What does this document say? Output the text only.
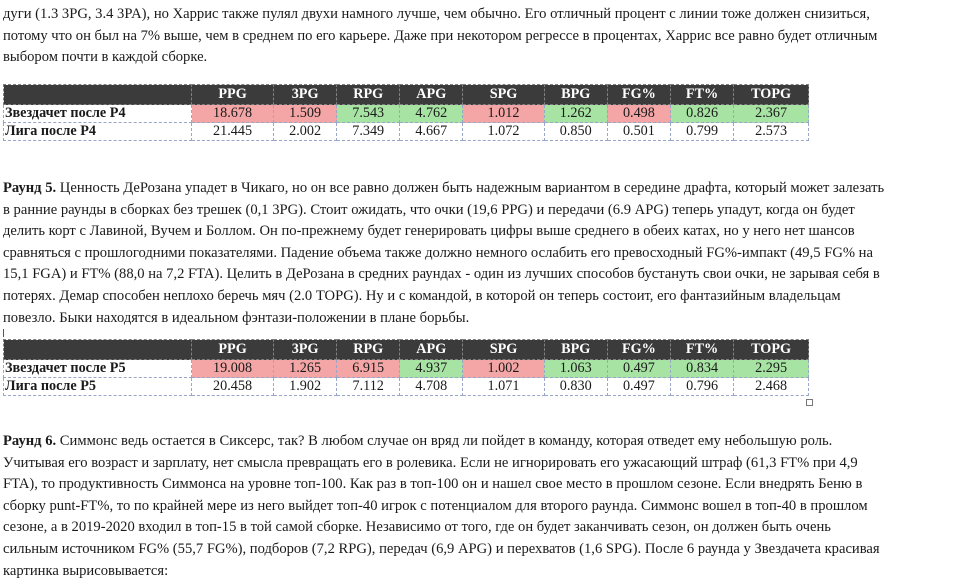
дуги (1.3 3PG, 3.4 3PA), но Харрис также пулял двухи намного лучше, чем обычно. Его отличный процент с линии тоже должен снизиться,
потому что он был на 7% выше, чем в среднем по его карьере. Даже при некотором регрессе в процентах, Харрис все равно будет отличным
выбором почти в каждой сборке.
	PPG	3PG	RPG	APG	SPG	BPG	FG%	FT%	TOPG
Звездачет после Р4	18.678	1.509	7.543	4.762	1.012	1.262	0.498	0.826	2.367
Лига после Р4	21.445	2.002	7.349	4.667	1.072	0.850	0.501	0.799	2.573
Раунд 5. Ценность ДеРозана упадет в Чикаго, но он все равно должен быть надежным вариантом в середине драфта, который может залезать
в ранние раунды в сборках без трешек (0,1 3PG). Стоит ожидать, что очки (19,6 PPG) и передачи (6.9 APG) теперь упадут, когда он будет
делить корт с Лавиной, Вучем и Боллом. Он по-прежнему будет генерировать цифры выше среднего в обеих катах, но у него нет шансов
сравняться с прошлогодними показателями. Падение объема также должно немного ослабить его превосходный FG%-импакт (49,5 FG% на
15,1 FGA) и FT% (88,0 на 7,2 FTA). Целить в ДеРозана в средних раундах - один из лучших способов бустануть свои очки, не зарывая себя в
потерях. Демар способен неплохо беречь мяч (2.0 TOPG). Ну и с командой, в которой он теперь состоит, его фантазийным владельцам
повезло. Быки находятся в идеальном фэнтази-положении в плане борьбы.
	PPG	3PG	RPG	APG	SPG	BPG	FG%	FT%	TOPG
Звездачет после Р5	19.008	1.265	6.915	4.937	1.002	1.063	0.497	0.834	2.295
Лига после Р5	20.458	1.902	7.112	4.708	1.071	0.830	0.497	0.796	2.468
Раунд 6. Симмонс ведь остается в Сиксерс, так? В любом случае он вряд ли пойдет в команду, которая отведет ему небольшую роль.
Учитывая его возраст и зарплату, нет смысла превращать его в ролевика. Если не игнорировать его ужасающий штраф (61,3 FT% при 4,9
FTA), то продуктивность Симмонса на уровне топ-100. Как раз в топ-100 он и нашел свое место в прошлом сезоне. Если внедрять Беню в
сборку punt-FT%, то по крайней мере из него выйдет топ-40 игрок с потенциалом для второго раунда. Симмонс вошел в топ-40 в прошлом
сезоне, а в 2019-2020 входил в топ-15 в той самой сборке. Независимо от того, где он будет заканчивать сезон, он должен быть очень
сильным источником FG% (55,7 FG%), подборов (7,2 RPG), передач (6,9 APG) и перехватов (1,6 SPG). После 6 раунда у Звездачета красивая
картинка вырисовывается:
